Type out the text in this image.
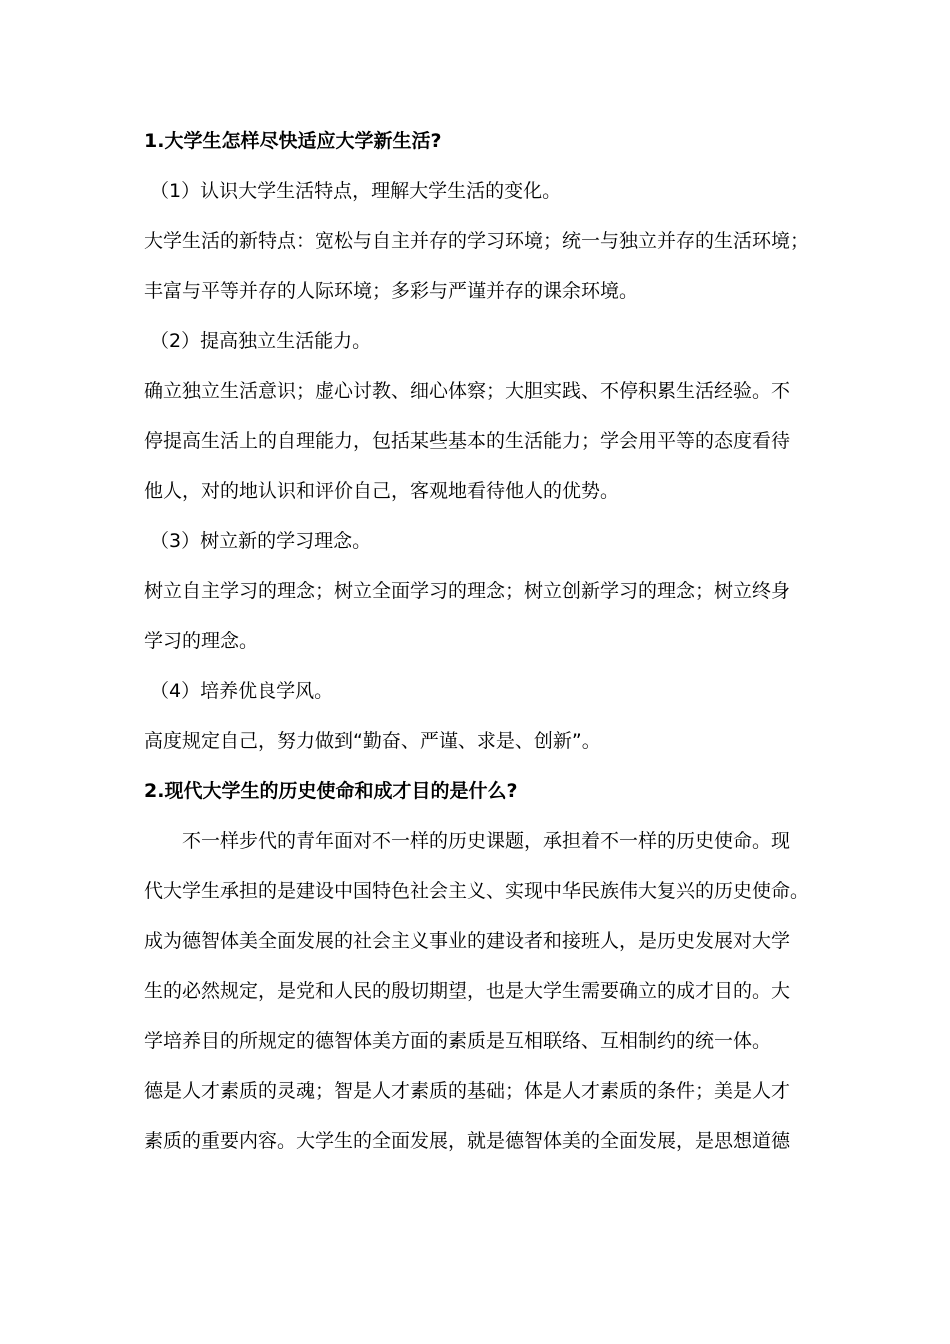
1.大学生怎样尽快适应大学新生活?
（1）认识大学生活特点，理解大学生活的变化。
大学生活的新特点：宽松与自主并存的学习环境；统一与独立并存的生活环境；
丰富与平等并存的人际环境；多彩与严谨并存的课余环境。
（2）提高独立生活能力。
确立独立生活意识；虚心讨教、细心体察；大胆实践、不停积累生活经验。不
停提高生活上的自理能力，包括某些基本的生活能力；学会用平等的态度看待
他人，对的地认识和评价自己，客观地看待他人的优势。
（3）树立新的学习理念。
树立自主学习的理念；树立全面学习的理念；树立创新学习的理念；树立终身
学习的理念。
（4）培养优良学风。
高度规定自己，努力做到“勤奋、严谨、求是、创新”。
2.现代大学生的历史使命和成才目的是什么?
不一样步代的青年面对不一样的历史课题，承担着不一样的历史使命。现
代大学生承担的是建设中国特色社会主义、实现中华民族伟大复兴的历史使命。
成为德智体美全面发展的社会主义事业的建设者和接班人，是历史发展对大学
生的必然规定，是党和人民的殷切期望，也是大学生需要确立的成才目的。大
学培养目的所规定的德智体美方面的素质是互相联络、互相制约的统一体。
德是人才素质的灵魂；智是人才素质的基础；体是人才素质的条件；美是人才
素质的重要内容。大学生的全面发展，就是德智体美的全面发展，是思想道德
